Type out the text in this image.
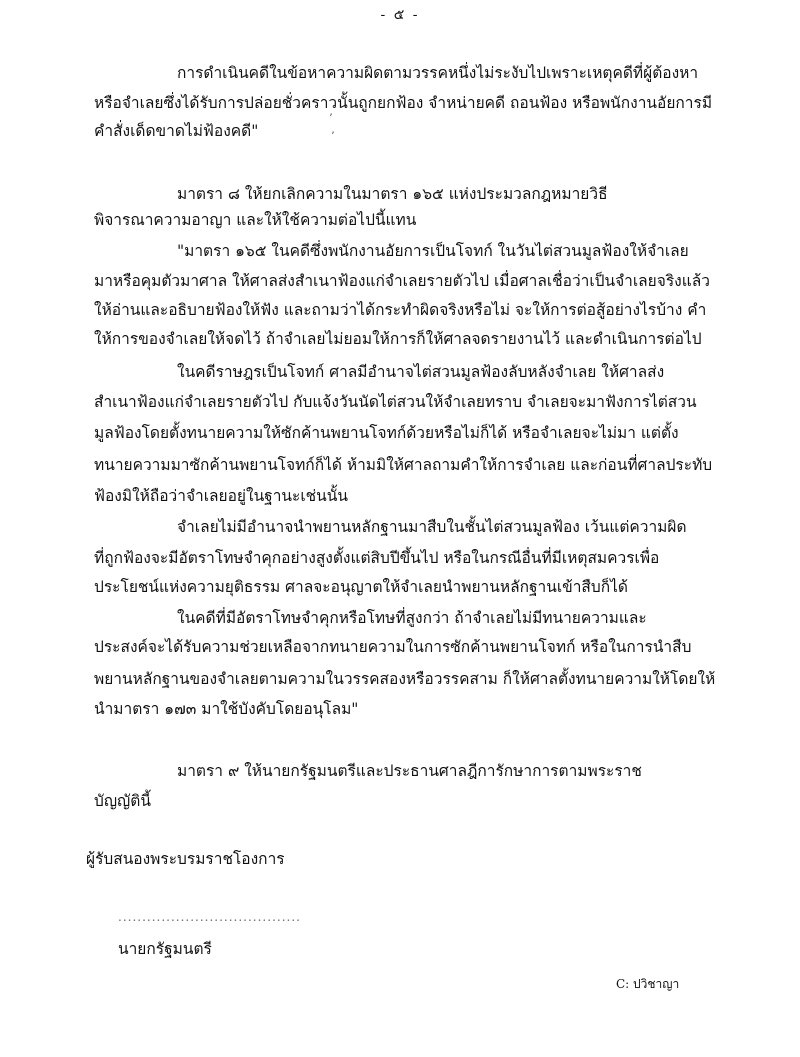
- ๕ -
การดำเนินคดีในข้อหาความผิดตามวรรคหนึ่งไม่ระงับไปเพราะเหตุคดีที่ผู้ต้องหา
หรือจำเลยซึ่งได้รับการปล่อยชั่วคราวนั้นถูกยกฟ้อง จำหน่ายคดี ถอนฟ้อง หรือพนักงานอัยการมี
คำสั่งเด็ดขาดไม่ฟ้องคดี"
มาตรา ๘ ให้ยกเลิกความในมาตรา ๑๖๕ แห่งประมวลกฎหมายวิธี
พิจารณาความอาญา และให้ใช้ความต่อไปนี้แทน
"มาตรา ๑๖๕ ในคดีซึ่งพนักงานอัยการเป็นโจทก์ ในวันไต่สวนมูลฟ้องให้จำเลย
มาหรือคุมตัวมาศาล ให้ศาลส่งสำเนาฟ้องแก่จำเลยรายตัวไป เมื่อศาลเชื่อว่าเป็นจำเลยจริงแล้ว
ให้อ่านและอธิบายฟ้องให้ฟัง และถามว่าได้กระทำผิดจริงหรือไม่ จะให้การต่อสู้อย่างไรบ้าง คำ
ให้การของจำเลยให้จดไว้ ถ้าจำเลยไม่ยอมให้การก็ให้ศาลจดรายงานไว้ และดำเนินการต่อไป
ในคดีราษฎรเป็นโจทก์ ศาลมีอำนาจไต่สวนมูลฟ้องลับหลังจำเลย ให้ศาลส่ง
สำเนาฟ้องแก่จำเลยรายตัวไป กับแจ้งวันนัดไต่สวนให้จำเลยทราบ จำเลยจะมาฟังการไต่สวน
มูลฟ้องโดยตั้งทนายความให้ซักค้านพยานโจทก์ด้วยหรือไม่ก็ได้ หรือจำเลยจะไม่มา แต่ตั้ง
ทนายความมาซักค้านพยานโจทก์ก็ได้ ห้ามมิให้ศาลถามคำให้การจำเลย และก่อนที่ศาลประทับ
ฟ้องมิให้ถือว่าจำเลยอยู่ในฐานะเช่นนั้น
จำเลยไม่มีอำนาจนำพยานหลักฐานมาสืบในชั้นไต่สวนมูลฟ้อง เว้นแต่ความผิด
ที่ถูกฟ้องจะมีอัตราโทษจำคุกอย่างสูงตั้งแต่สิบปีขึ้นไป หรือในกรณีอื่นที่มีเหตุสมควรเพื่อ
ประโยชน์แห่งความยุติธรรม ศาลจะอนุญาตให้จำเลยนำพยานหลักฐานเข้าสืบก็ได้
ในคดีที่มีอัตราโทษจำคุกหรือโทษที่สูงกว่า ถ้าจำเลยไม่มีทนายความและ
ประสงค์จะได้รับความช่วยเหลือจากทนายความในการซักค้านพยานโจทก์ หรือในการนำสืบ
พยานหลักฐานของจำเลยตามความในวรรคสองหรือวรรคสาม ก็ให้ศาลตั้งทนายความให้โดยให้
นำมาตรา ๑๗๓ มาใช้บังคับโดยอนุโลม"
มาตรา ๙ ให้นายกรัฐมนตรีและประธานศาลฎีการักษาการตามพระราช
บัญญัตินี้
ผู้รับสนองพระบรมราชโองการ
......................................
นายกรัฐมนตรี
C: ปวิชาญา
ʼ
ʼ
